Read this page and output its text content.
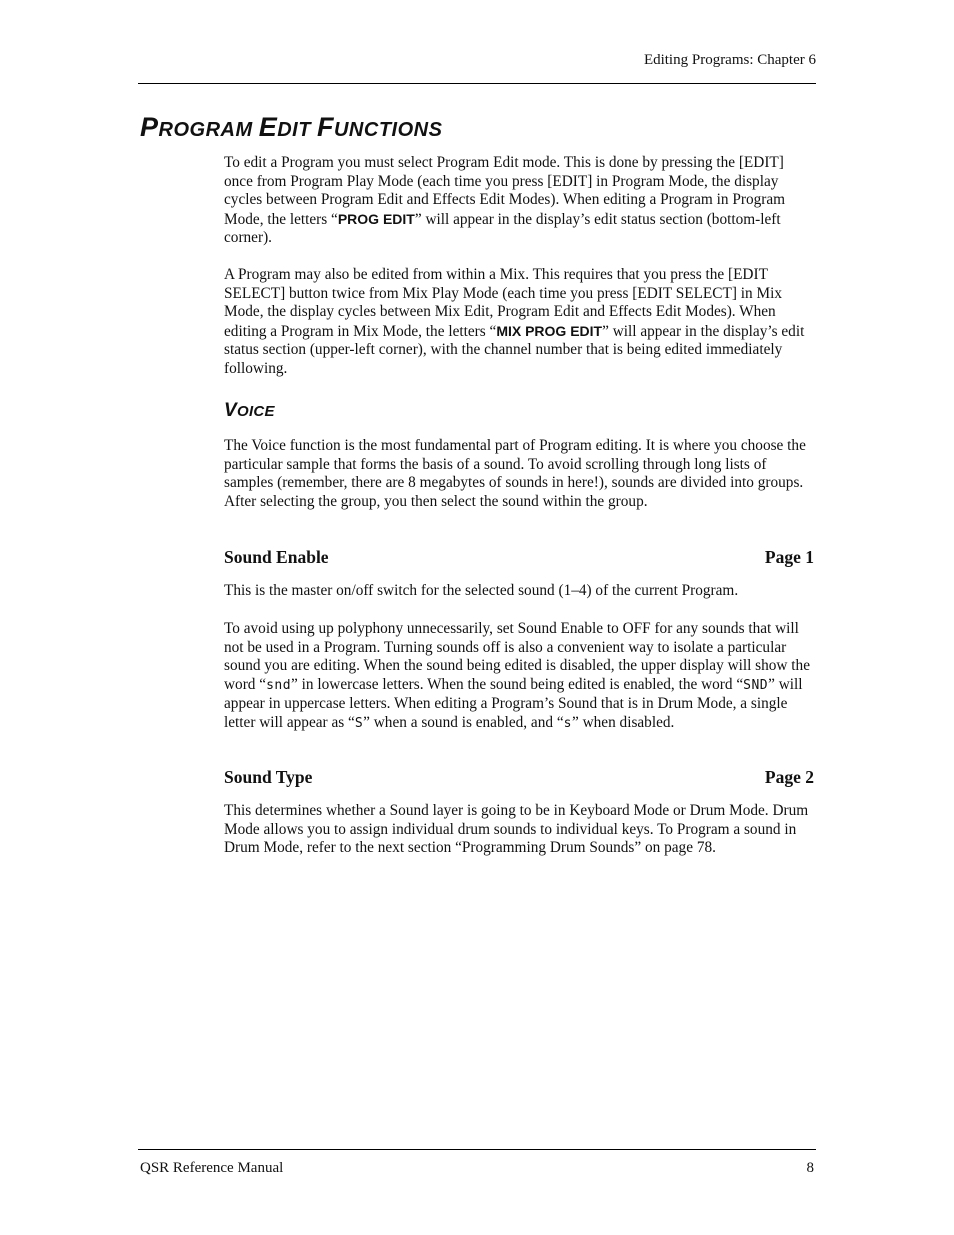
Editing Programs: Chapter 6
PROGRAM EDIT FUNCTIONS

To edit a Program you must select Program Edit mode. This is done by pressing the [EDIT] once from Program Play Mode (each time you press [EDIT] in Program Mode, the display cycles between Program Edit and Effects Edit Modes). When editing a Program in Program Mode, the letters “PROG EDIT” will appear in the display’s edit status section (bottom-left corner).

A Program may also be edited from within a Mix. This requires that you press the [EDIT SELECT] button twice from Mix Play Mode (each time you press [EDIT SELECT] in Mix Mode, the display cycles between Mix Edit, Program Edit and Effects Edit Modes). When editing a Program in Mix Mode, the letters “MIX PROG EDIT” will appear in the display’s edit status section (upper-left corner), with the channel number that is being edited immediately following.

VOICE

The Voice function is the most fundamental part of Program editing. It is where you choose the particular sample that forms the basis of a sound. To avoid scrolling through long lists of samples (remember, there are 8 megabytes of sounds in here!), sounds are divided into groups. After selecting the group, you then select the sound within the group.

Sound Enable	Page 1

This is the master on/off switch for the selected sound (1–4) of the current Program.

To avoid using up polyphony unnecessarily, set Sound Enable to OFF for any sounds that will not be used in a Program. Turning sounds off is also a convenient way to isolate a particular sound you are editing. When the sound being edited is disabled, the upper display will show the word “snd” in lowercase letters. When the sound being edited is enabled, the word “SND” will appear in uppercase letters. When editing a Program’s Sound that is in Drum Mode, a single letter will appear as “S” when a sound is enabled, and “s” when disabled.

Sound Type	Page 2

This determines whether a Sound layer is going to be in Keyboard Mode or Drum Mode. Drum Mode allows you to assign individual drum sounds to individual keys. To Program a sound in Drum Mode, refer to the next section “Programming Drum Sounds” on page 78.

QSR Reference Manual	8
